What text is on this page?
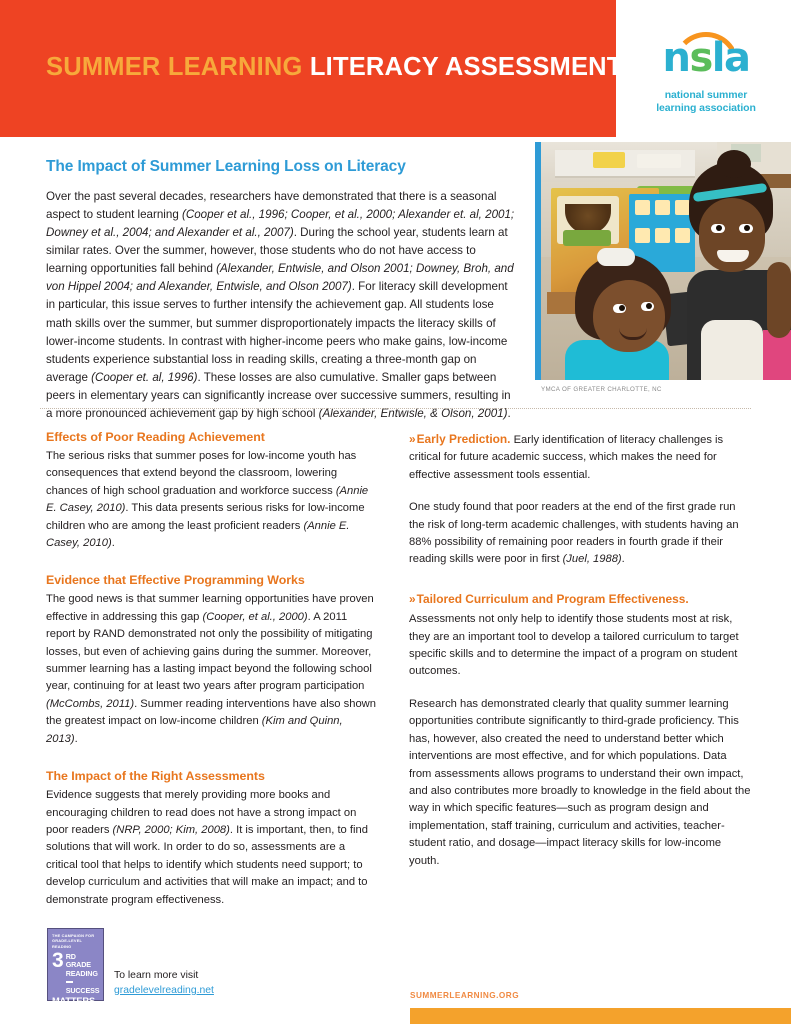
SUMMER LEARNING LITERACY ASSESSMENTS nsla
national summer
learning association
The Impact of Summer Learning Loss on Literacy

Over the past several decades, researchers have demonstrated that there is a seasonal aspect to student learning (Cooper et al., 1996; Cooper, et al., 2000; Alexander et. al, 2001; Downey et al., 2004; and Alexander et al., 2007). During the school year, students learn at similar rates. Over the summer, however, those students who do not have access to learning opportunities fall behind (Alexander, Entwisle, and Olson 2001; Downey, Broh, and von Hippel 2004; and Alexander, Entwisle, and Olson 2007). For literacy skill development in particular, this issue serves to further intensify the achievement gap. All students lose math skills over the summer, but summer disproportionately impacts the literacy skills of lower-income students. In contrast with higher-income peers who make gains, low-income students experience substantial loss in reading skills, creating a three-month gap on average (Cooper et. al, 1996). These losses are also cumulative. Smaller gaps between peers in elementary years can significantly increase over successive summers, resulting in a more pronounced achievement gap by high school (Alexander, Entwisle, & Olson, 2001).

YMCA OF GREATER CHARLOTTE, NC
Effects of Poor Reading Achievement

The serious risks that summer poses for low-income youth has consequences that extend beyond the classroom, lowering chances of high school graduation and workforce success (Annie E. Casey, 2010). This data presents serious risks for low-income children who are among the least proficient readers (Annie E. Casey, 2010).

Evidence that Effective Programming Works

The good news is that summer learning opportunities have proven effective in addressing this gap (Cooper, et al., 2000). A 2011 report by RAND demonstrated not only the possibility of mitigating losses, but even of achieving gains during the summer. Moreover, summer learning has a lasting impact beyond the following school year, continuing for at least two years after program participation (McCombs, 2011). Summer reading interventions have also shown the greatest impact on low-income children (Kim and Quinn, 2013).

The Impact of the Right Assessments

Evidence suggests that merely providing more books and encouraging children to read does not have a strong impact on poor readers (NRP, 2000; Kim, 2008). It is important, then, to find solutions that will work. In order to do so, assessments are a critical tool that helps to identify which students need support; to develop curriculum and activities that will make an impact; and to demonstrate program effectiveness.

» Early Prediction. Early identification of literacy challenges is critical for future academic success, which makes the need for effective assessment tools essential.

One study found that poor readers at the end of the first grade run the risk of long-term academic challenges, with students having an 88% possibility of remaining poor readers in fourth grade if their reading skills were poor in first (Juel, 1988).

» Tailored Curriculum and Program Effectiveness.

Assessments not only help to identify those students most at risk, they are an important tool to develop a tailored curriculum to target specific skills and to determine the impact of a program on student outcomes.

Research has demonstrated clearly that quality summer learning opportunities contribute significantly to third-grade proficiency. This has, however, also created the need to understand better which interventions are most effective, and for which populations. Data from assessments allows programs to understand their own impact, and also contributes more broadly to knowledge in the field about the way in which specific features—such as program design and implementation, staff training, curriculum and activities, teacher-student ratio, and dosage—impact literacy skills for low-income youth.

THE CAMPAIGN FOR
GRADE-LEVEL READING
3 RD GRADE
READING
SUCCESS
MATTERS
To learn more visit
gradelevelreading.net	SUMMERLEARNING.ORG
